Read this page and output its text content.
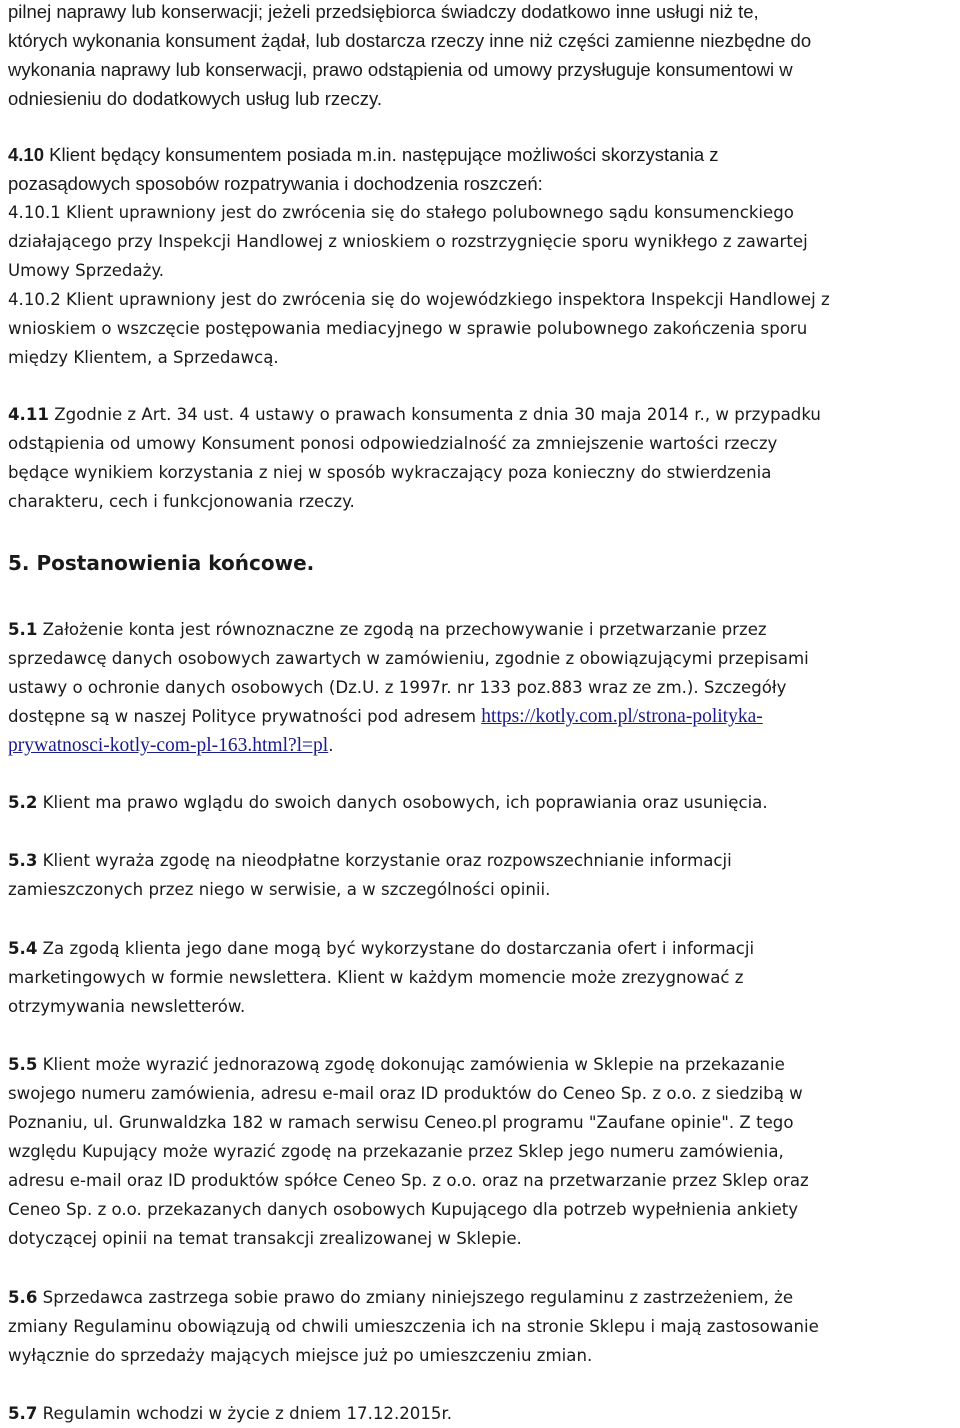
pilnej naprawy lub konserwacji; jeżeli przedsiębiorca świadczy dodatkowo inne usługi niż te,
których wykonania konsument żądał, lub dostarcza rzeczy inne niż części zamienne niezbędne do
wykonania naprawy lub konserwacji, prawo odstąpienia od umowy przysługuje konsumentowi w
odniesieniu do dodatkowych usług lub rzeczy.
4.10 Klient będący konsumentem posiada m.in. następujące możliwości skorzystania z
pozasądowych sposobów rozpatrywania i dochodzenia roszczeń:
4.10.1 Klient uprawniony jest do zwrócenia się do stałego polubownego sądu konsumenckiego
działającego przy Inspekcji Handlowej z wnioskiem o rozstrzygnięcie sporu wynikłego z zawartej
Umowy Sprzedaży.
4.10.2 Klient uprawniony jest do zwrócenia się do wojewódzkiego inspektora Inspekcji Handlowej z
wnioskiem o wszczęcie postępowania mediacyjnego w sprawie polubownego zakończenia sporu
między Klientem, a Sprzedawcą.
4.11 Zgodnie z Art. 34 ust. 4 ustawy o prawach konsumenta z dnia 30 maja 2014 r., w przypadku
odstąpienia od umowy Konsument ponosi odpowiedzialność za zmniejszenie wartości rzeczy
będące wynikiem korzystania z niej w sposób wykraczający poza konieczny do stwierdzenia
charakteru, cech i funkcjonowania rzeczy.
5. Postanowienia końcowe.
5.1 Założenie konta jest równoznaczne ze zgodą na przechowywanie i przetwarzanie przez
sprzedawcę danych osobowych zawartych w zamówieniu, zgodnie z obowiązującymi przepisami
ustawy o ochronie danych osobowych (Dz.U. z 1997r. nr 133 poz.883 wraz ze zm.). Szczegóły
dostępne są w naszej Polityce prywatności pod adresem https://kotly.com.pl/strona-polityka-
prywatnosci-kotly-com-pl-163.html?l=pl.
5.2 Klient ma prawo wglądu do swoich danych osobowych, ich poprawiania oraz usunięcia.
5.3 Klient wyraża zgodę na nieodpłatne korzystanie oraz rozpowszechnianie informacji
zamieszczonych przez niego w serwisie, a w szczególności opinii.
5.4 Za zgodą klienta jego dane mogą być wykorzystane do dostarczania ofert i informacji
marketingowych w formie newslettera. Klient w każdym momencie może zrezygnować z
otrzymywania newsletterów.
5.5 Klient może wyrazić jednorazową zgodę dokonując zamówienia w Sklepie na przekazanie
swojego numeru zamówienia, adresu e-mail oraz ID produktów do Ceneo Sp. z o.o. z siedzibą w
Poznaniu, ul. Grunwaldzka 182 w ramach serwisu Ceneo.pl programu "Zaufane opinie". Z tego
względu Kupujący może wyrazić zgodę na przekazanie przez Sklep jego numeru zamówienia,
adresu e-mail oraz ID produktów spółce Ceneo Sp. z o.o. oraz na przetwarzanie przez Sklep oraz
Ceneo Sp. z o.o. przekazanych danych osobowych Kupującego dla potrzeb wypełnienia ankiety
dotyczącej opinii na temat transakcji zrealizowanej w Sklepie.
5.6 Sprzedawca zastrzega sobie prawo do zmiany niniejszego regulaminu z zastrzeżeniem, że
zmiany Regulaminu obowiązują od chwili umieszczenia ich na stronie Sklepu i mają zastosowanie
wyłącznie do sprzedaży mających miejsce już po umieszczeniu zmian.
5.7 Regulamin wchodzi w życie z dniem 17.12.2015r.
